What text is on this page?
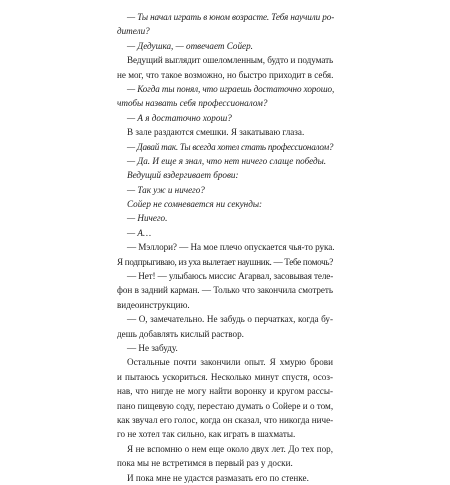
— Ты начал играть в юном возрасте. Тебя научили ро-
дители?
— Дедушка, — отвечает Сойер.
Ведущий выглядит ошеломленным, будто и подумать
не мог, что такое возможно, но быстро приходит в себя.
— Когда ты понял, что играешь достаточно хорошо,
чтобы назвать себя профессионалом?
— А я достаточно хорош?
В зале раздаются смешки. Я закатываю глаза.
— Давай так. Ты всегда хотел стать профессионалом?
— Да. И еще я знал, что нет ничего слаще победы.
Ведущий вздергивает брови:
— Так уж и ничего?
Сойер не сомневается ни секунды:
— Ничего.
— А…
— Мэллори? — На мое плечо опускается чья-то рука.
Я подпрыгиваю, из уха вылетает наушник. — Тебе помочь?
— Нет! — улыбаюсь миссис Агарвал, засовывая теле-
фон в задний карман. — Только что закончила смотреть
видеоинструкцию.
— О, замечательно. Не забудь о перчатках, когда бу-
дешь добавлять кислый раствор.
— Не забуду.
Остальные почти закончили опыт. Я хмурю брови
и пытаюсь ускориться. Несколько минут спустя, осоз-
нав, что нигде не могу найти воронку и кругом рассы-
пано пищевую соду, перестаю думать о Сойере и о том,
как звучал его голос, когда он сказал, что никогда ниче-
го не хотел так сильно, как играть в шахматы.
Я не вспомню о нем еще около двух лет. До тех пор,
пока мы не встретимся в первый раз у доски.
И пока мне не удастся размазать его по стенке.
